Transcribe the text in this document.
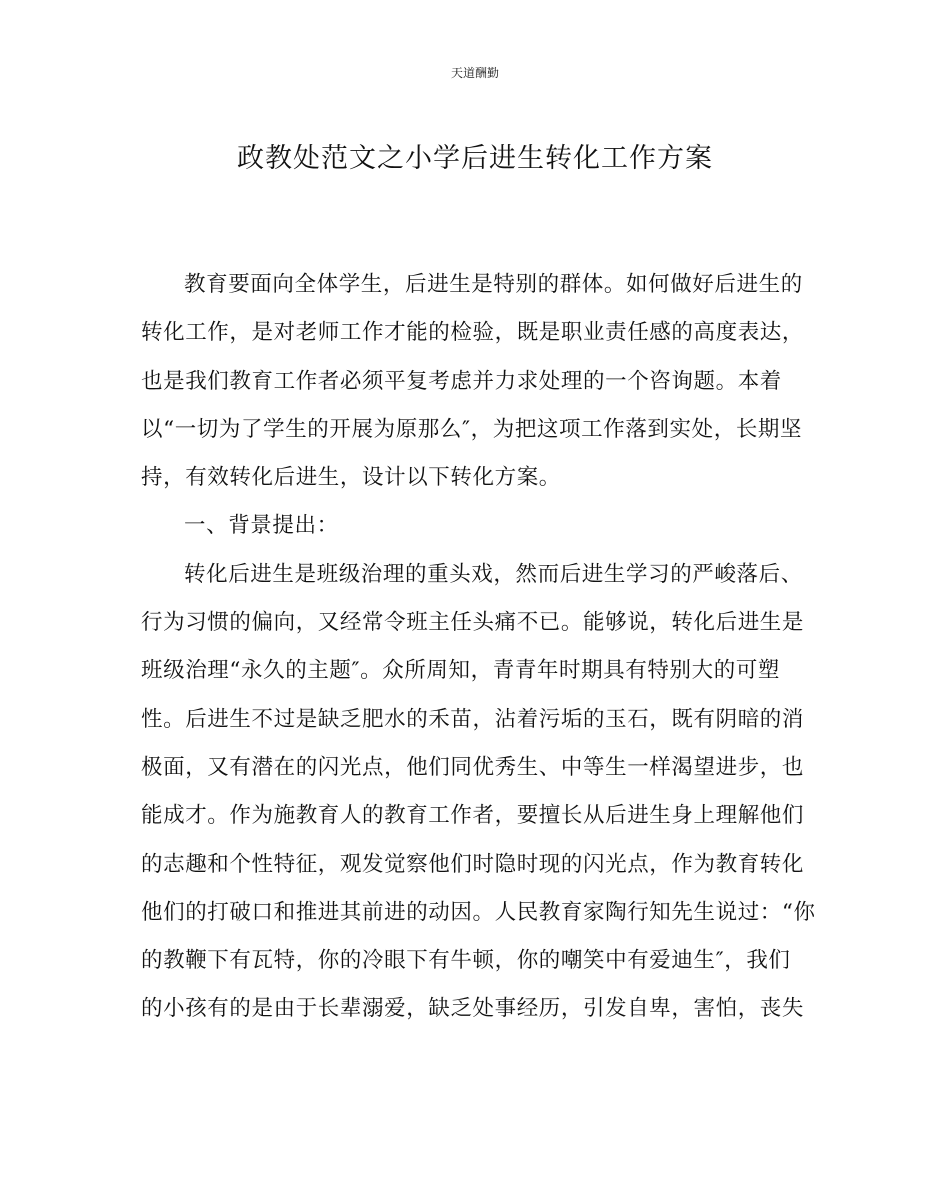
天道酬勤
政教处范文之小学后进生转化工作方案
教育要面向全体学生，后进生是特别的群体。如何做好后进生的
转化工作，是对老师工作才能的检验，既是职业责任感的高度表达，
也是我们教育工作者必须平复考虑并力求处理的一个咨询题。本着
以“一切为了学生的开展为原那么″，为把这项工作落到实处，长期坚
持，有效转化后进生，设计以下转化方案。
一、背景提出：
转化后进生是班级治理的重头戏，然而后进生学习的严峻落后、
行为习惯的偏向，又经常令班主任头痛不已。能够说，转化后进生是
班级治理“永久的主题″。众所周知，青青年时期具有特别大的可塑
性。后进生不过是缺乏肥水的禾苗，沾着污垢的玉石，既有阴暗的消
极面，又有潜在的闪光点，他们同优秀生、中等生一样渴望进步，也
能成才。作为施教育人的教育工作者，要擅长从后进生身上理解他们
的志趣和个性特征，观发觉察他们时隐时现的闪光点，作为教育转化
他们的打破口和推进其前进的动因。人民教育家陶行知先生说过：“你
的教鞭下有瓦特，你的冷眼下有牛顿，你的嘲笑中有爱迪生″，我们
的小孩有的是由于长辈溺爱，缺乏处事经历，引发自卑，害怕，丧失
